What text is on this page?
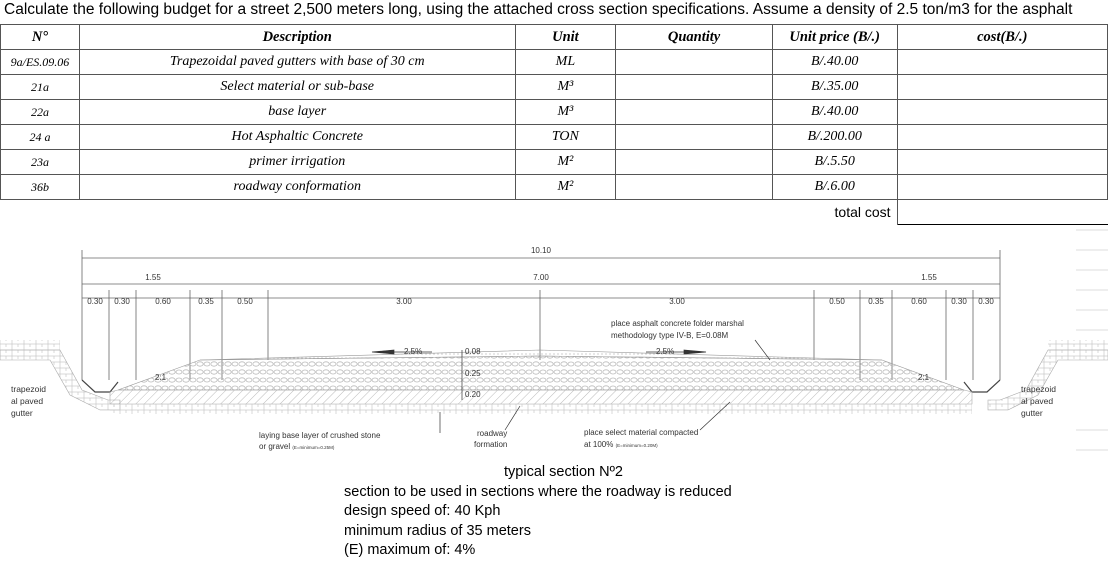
Calculate the following budget for a street 2,500 meters long, using the attached cross section specifications. Assume a density of 2.5 ton/m3 for the asphalt
N°	Description	Unit	Quantity	Unit price (B/.)	cost(B/.)
9a/ES.09.06	Trapezoidal paved gutters with base of 30 cm	ML		B/.40.00	
21a	Select material or sub-base	M³		B/.35.00	
22a	base layer	M³		B/.40.00	
24 a	Hot Asphaltic Concrete	TON		B/.200.00	
23a	primer irrigation	M²		B/.5.50	
36b	roadway conformation	M²		B/.6.00	
				total cost	
10.10
7.00
1.55	1.55
0.30 0.30	0.60	0.35	0.50	3.00	3.00	0.50	0.35	0.60	0.30 0.30
2.5%	2.5%
0.08
0.25
0.20
2:1	2:1
place asphalt concrete folder marshal
methodology type IV-B, E=0.08M
laying base layer of crushed stone
or gravel (E=minimum=0.25M)
roadway
formation
place select material compacted
at 100% (E=minimum=0.20M)
trapezoid
al paved
gutter
trapezoid
al paved
gutter
typical section Nº2
section to be used in sections where the roadway is reduced
design speed of: 40 Kph
minimum radius of 35 meters
(E) maximum of: 4%
